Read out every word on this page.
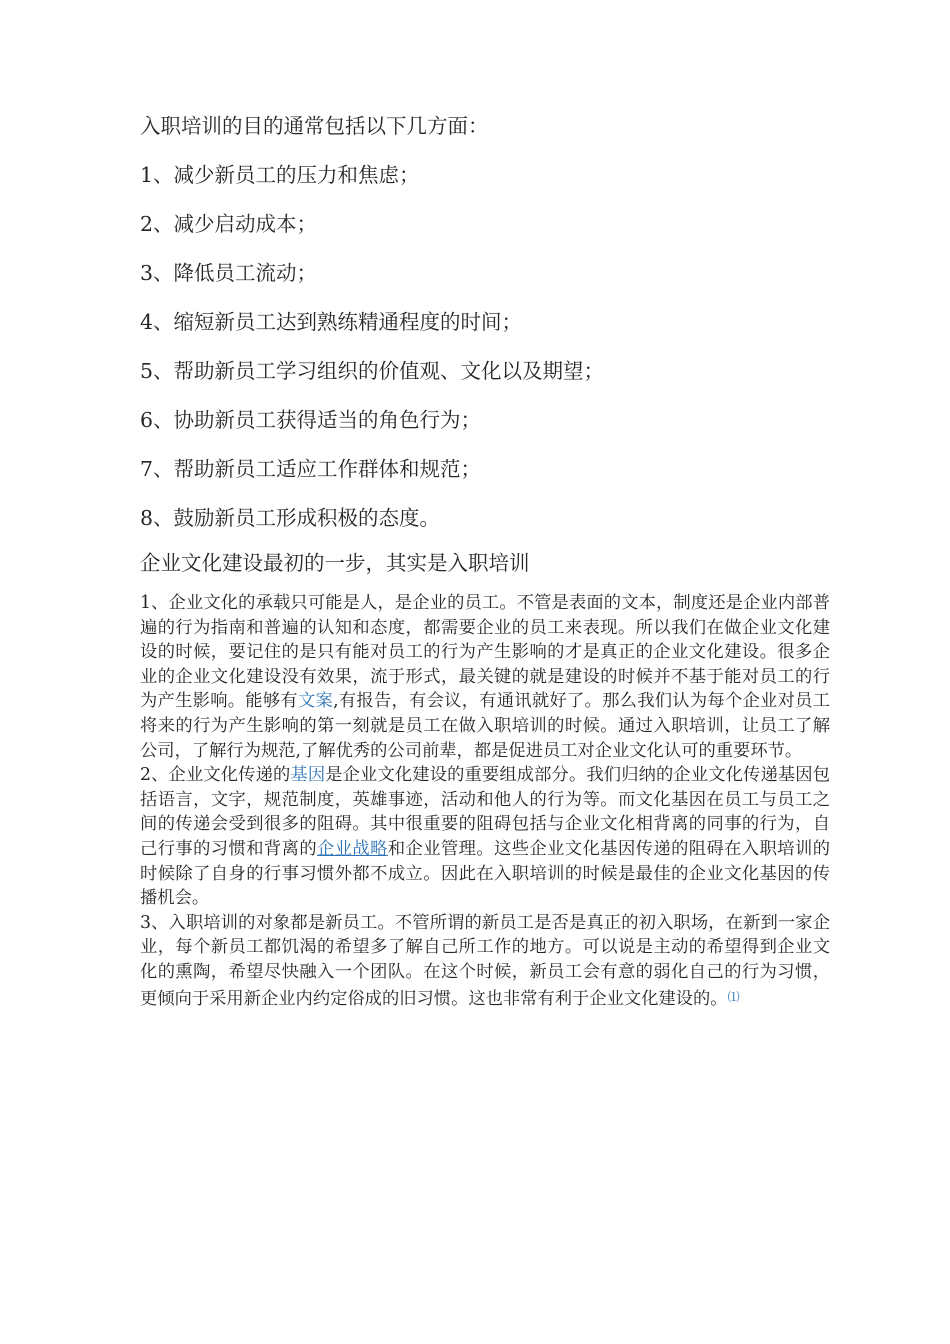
入职培训的目的通常包括以下几方面：
1、减少新员工的压力和焦虑；
2、减少启动成本；
3、降低员工流动；
4、缩短新员工达到熟练精通程度的时间；
5、帮助新员工学习组织的价值观、文化以及期望；
6、协助新员工获得适当的角色行为；
7、帮助新员工适应工作群体和规范；
8、鼓励新员工形成积极的态度。
企业文化建设最初的一步，其实是入职培训

1、企业文化的承载只可能是人，是企业的员工。不管是表面的文本，制度还是企业内部普遍的行为指南和普遍的认知和态度，都需要企业的员工来表现。所以我们在做企业文化建设的时候，要记住的是只有能对员工的行为产生影响的才是真正的企业文化建设。很多企业的企业文化建设没有效果，流于形式，最关键的就是建设的时候并不基于能对员工的行为产生影响。能够有文案,有报告，有会议，有通讯就好了。那么我们认为每个企业对员工将来的行为产生影响的第一刻就是员工在做入职培训的时候。通过入职培训，让员工了解公司，了解行为规范,了解优秀的公司前辈，都是促进员工对企业文化认可的重要环节。

2、企业文化传递的基因是企业文化建设的重要组成部分。我们归纳的企业文化传递基因包括语言，文字，规范制度，英雄事迹，活动和他人的行为等。而文化基因在员工与员工之间的传递会受到很多的阻碍。其中很重要的阻碍包括与企业文化相背离的同事的行为，自己行事的习惯和背离的企业战略和企业管理。这些企业文化基因传递的阻碍在入职培训的时候除了自身的行事习惯外都不成立。因此在入职培训的时候是最佳的企业文化基因的传播机会。

3、入职培训的对象都是新员工。不管所谓的新员工是否是真正的初入职场，在新到一家企业，每个新员工都饥渴的希望多了解自己所工作的地方。可以说是主动的希望得到企业文化的熏陶，希望尽快融入一个团队。在这个时候，新员工会有意的弱化自己的行为习惯，更倾向于采用新企业内约定俗成的旧习惯。这也非常有利于企业文化建设的。⑴
